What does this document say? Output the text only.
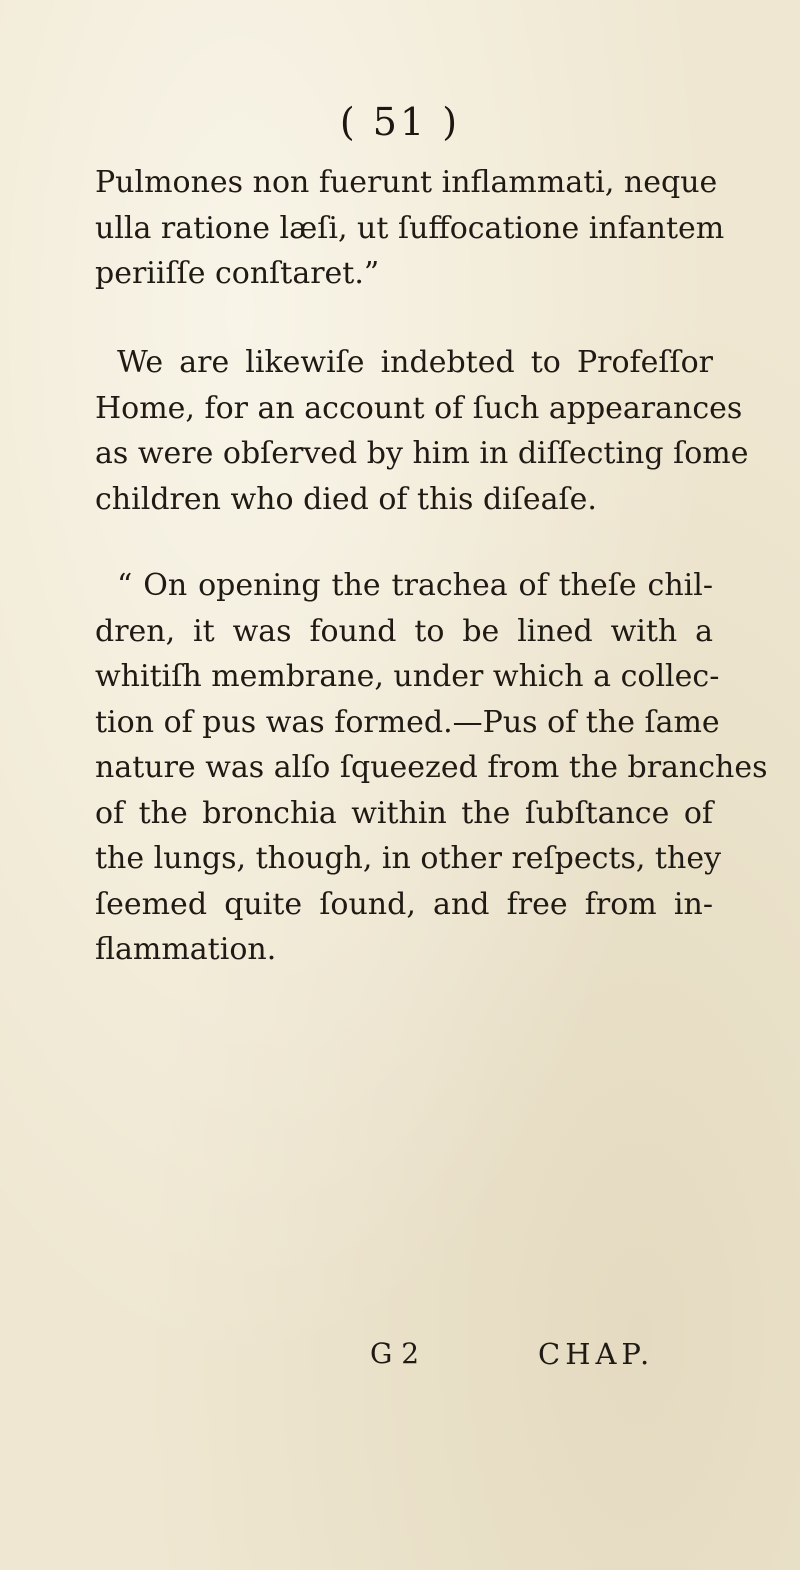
( 51 )
Pulmones non fuerunt inflammati, neque
ulla ratione læſi, ut ſuffocatione infantem
periiſſe conſtaret.”
We are likewiſe indebted to Profeſſor
Home, for an account of ſuch appearances
as were obſerved by him in diſſecting ſome
children who died of this diſeaſe.
“ On opening the trachea of theſe chil-
dren, it was found to be lined with a
whitiſh membrane, under which a collec-
tion of pus was formed.—Pus of the ſame
nature was alſo ſqueezed from the branches
of the bronchia within the ſubſtance of
the lungs, though, in other reſpects, they
ſeemed quite ſound, and free from in-
flammation.
G 2	CHAP.
